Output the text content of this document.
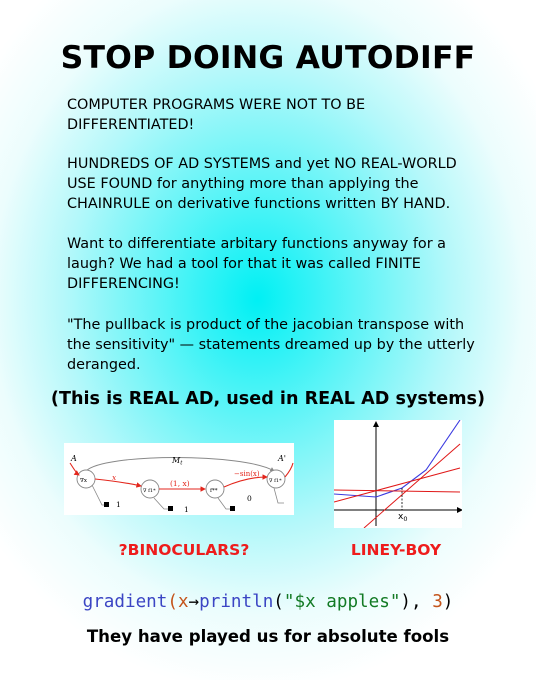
STOP DOING AUTODIFF

COMPUTER PROGRAMS WERE NOT TO BE
DIFFERENTIATED!

HUNDREDS OF AD SYSTEMS and yet NO REAL-WORLD
USE FOUND for anything more than applying the
CHAINRULE on derivative functions written BY HAND.

Want to differentiate arbitary functions anyway for a
laugh? We had a tool for that it was called FINITE
DIFFERENCING!

"The pullback is product of the jacobian transpose with
the sensitivity" — statements dreamed up by the utterly
deranged.

(This is REAL AD, used in REAL AD systems)
A	Mt
A'
x
(1, x)
−sin(x)
1
1
0
∇x
∇ f1*	f**
∇ f1*
$x_0$

?BINOCULARS?	LINEY-BOY

gradient(x→println("$x apples"), 3)

They have played us for absolute fools
